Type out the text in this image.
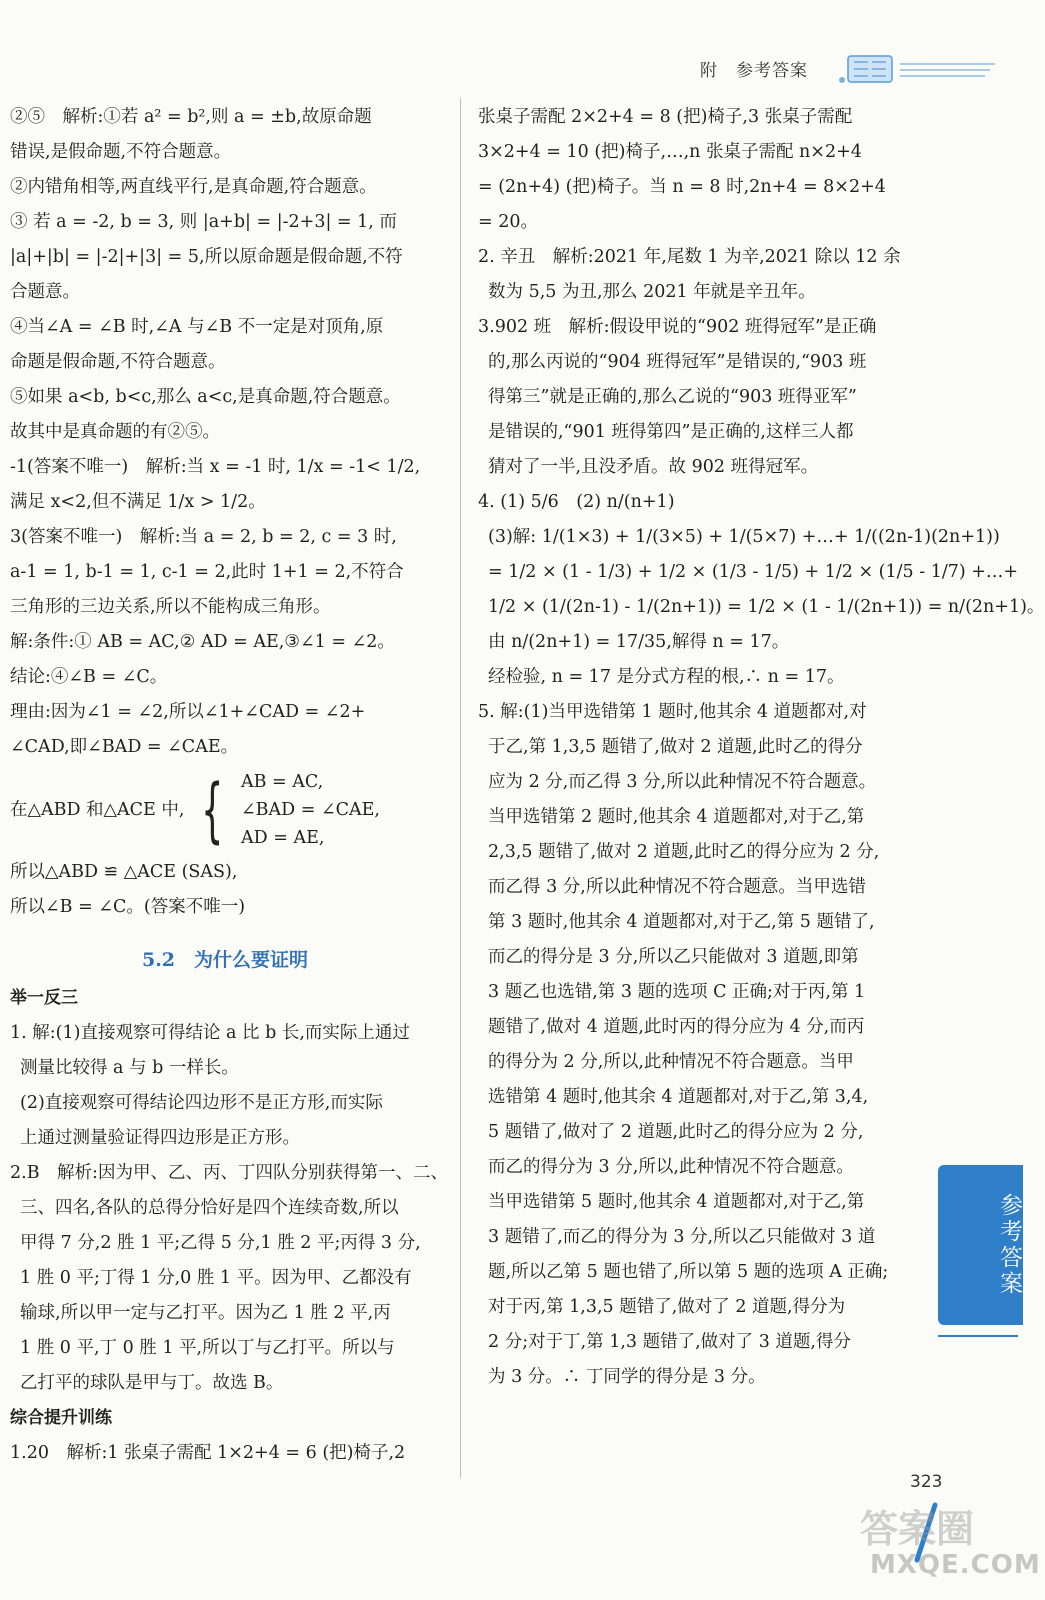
附　参考答案
②⑤　解析:①若 a² = b²,则 a = ±b,故原命题
错误,是假命题,不符合题意。
②内错角相等,两直线平行,是真命题,符合题意。
③ 若 a = -2, b = 3, 则 |a+b| = |-2+3| = 1, 而
|a|+|b| = |-2|+|3| = 5,所以原命题是假命题,不符
合题意。
④当∠A = ∠B 时,∠A 与∠B 不一定是对顶角,原
命题是假命题,不符合题意。
⑤如果 a<b, b<c,那么 a<c,是真命题,符合题意。
故其中是真命题的有②⑤。
-1(答案不唯一)　解析:当 x = -1 时, 1/x = -1< 1/2,
满足 x<2,但不满足 1/x > 1/2。
3(答案不唯一)　解析:当 a = 2, b = 2, c = 3 时,
a-1 = 1, b-1 = 1, c-1 = 2,此时 1+1 = 2,不符合
三角形的三边关系,所以不能构成三角形。
解:条件:① AB = AC,② AD = AE,③∠1 = ∠2。
结论:④∠B = ∠C。
理由:因为∠1 = ∠2,所以∠1+∠CAD = ∠2+
∠CAD,即∠BAD = ∠CAE。
在△ABD 和△ACE 中, { AB = AC,
∠BAD = ∠CAE,
AD = AE,
所以△ABD ≌ △ACE (SAS),
所以∠B = ∠C。(答案不唯一)
5.2　为什么要证明
举一反三
1. 解:(1)直接观察可得结论 a 比 b 长,而实际上通过
测量比较得 a 与 b 一样长。
(2)直接观察可得结论四边形不是正方形,而实际
上通过测量验证得四边形是正方形。
2.B　解析:因为甲、乙、丙、丁四队分别获得第一、二、
三、四名,各队的总得分恰好是四个连续奇数,所以
甲得 7 分,2 胜 1 平;乙得 5 分,1 胜 2 平;丙得 3 分,
1 胜 0 平;丁得 1 分,0 胜 1 平。因为甲、乙都没有
输球,所以甲一定与乙打平。因为乙 1 胜 2 平,丙
1 胜 0 平,丁 0 胜 1 平,所以丁与乙打平。所以与
乙打平的球队是甲与丁。故选 B。
综合提升训练
1.20　解析:1 张桌子需配 1×2+4 = 6 (把)椅子,2
张桌子需配 2×2+4 = 8 (把)椅子,3 张桌子需配
3×2+4 = 10 (把)椅子,…,n 张桌子需配 n×2+4
= (2n+4) (把)椅子。当 n = 8 时,2n+4 = 8×2+4
= 20。
2. 辛丑　解析:2021 年,尾数 1 为辛,2021 除以 12 余
数为 5,5 为丑,那么 2021 年就是辛丑年。
3.902 班　解析:假设甲说的“902 班得冠军”是正确
的,那么丙说的“904 班得冠军”是错误的,“903 班
得第三”就是正确的,那么乙说的“903 班得亚军”
是错误的,“901 班得第四”是正确的,这样三人都
猜对了一半,且没矛盾。故 902 班得冠军。
4. (1) 5/6　(2) n/(n+1)
(3)解: 1/(1×3) + 1/(3×5) + 1/(5×7) +…+ 1/((2n-1)(2n+1))
= 1/2 × (1 - 1/3) + 1/2 × (1/3 - 1/5) + 1/2 × (1/5 - 1/7) +…+
1/2 × (1/(2n-1) - 1/(2n+1)) = 1/2 × (1 - 1/(2n+1)) = n/(2n+1)。
由 n/(2n+1) = 17/35,解得 n = 17。
经检验, n = 17 是分式方程的根,∴ n = 17。
5. 解:(1)当甲选错第 1 题时,他其余 4 道题都对,对
于乙,第 1,3,5 题错了,做对 2 道题,此时乙的得分
应为 2 分,而乙得 3 分,所以此种情况不符合题意。
当甲选错第 2 题时,他其余 4 道题都对,对于乙,第
2,3,5 题错了,做对 2 道题,此时乙的得分应为 2 分,
而乙得 3 分,所以此种情况不符合题意。当甲选错
第 3 题时,他其余 4 道题都对,对于乙,第 5 题错了,
而乙的得分是 3 分,所以乙只能做对 3 道题,即第
3 题乙也选错,第 3 题的选项 C 正确;对于丙,第 1
题错了,做对 4 道题,此时丙的得分应为 4 分,而丙
的得分为 2 分,所以,此种情况不符合题意。当甲
选错第 4 题时,他其余 4 道题都对,对于乙,第 3,4,
5 题错了,做对了 2 道题,此时乙的得分应为 2 分,
而乙的得分为 3 分,所以,此种情况不符合题意。
当甲选错第 5 题时,他其余 4 道题都对,对于乙,第
3 题错了,而乙的得分为 3 分,所以乙只能做对 3 道
题,所以乙第 5 题也错了,所以第 5 题的选项 A 正确;
对于丙,第 1,3,5 题错了,做对了 2 道题,得分为
2 分;对于丁,第 1,3 题错了,做对了 3 道题,得分
为 3 分。∴ 丁同学的得分是 3 分。
参考答案
323
答案圈
MXQE.COM
